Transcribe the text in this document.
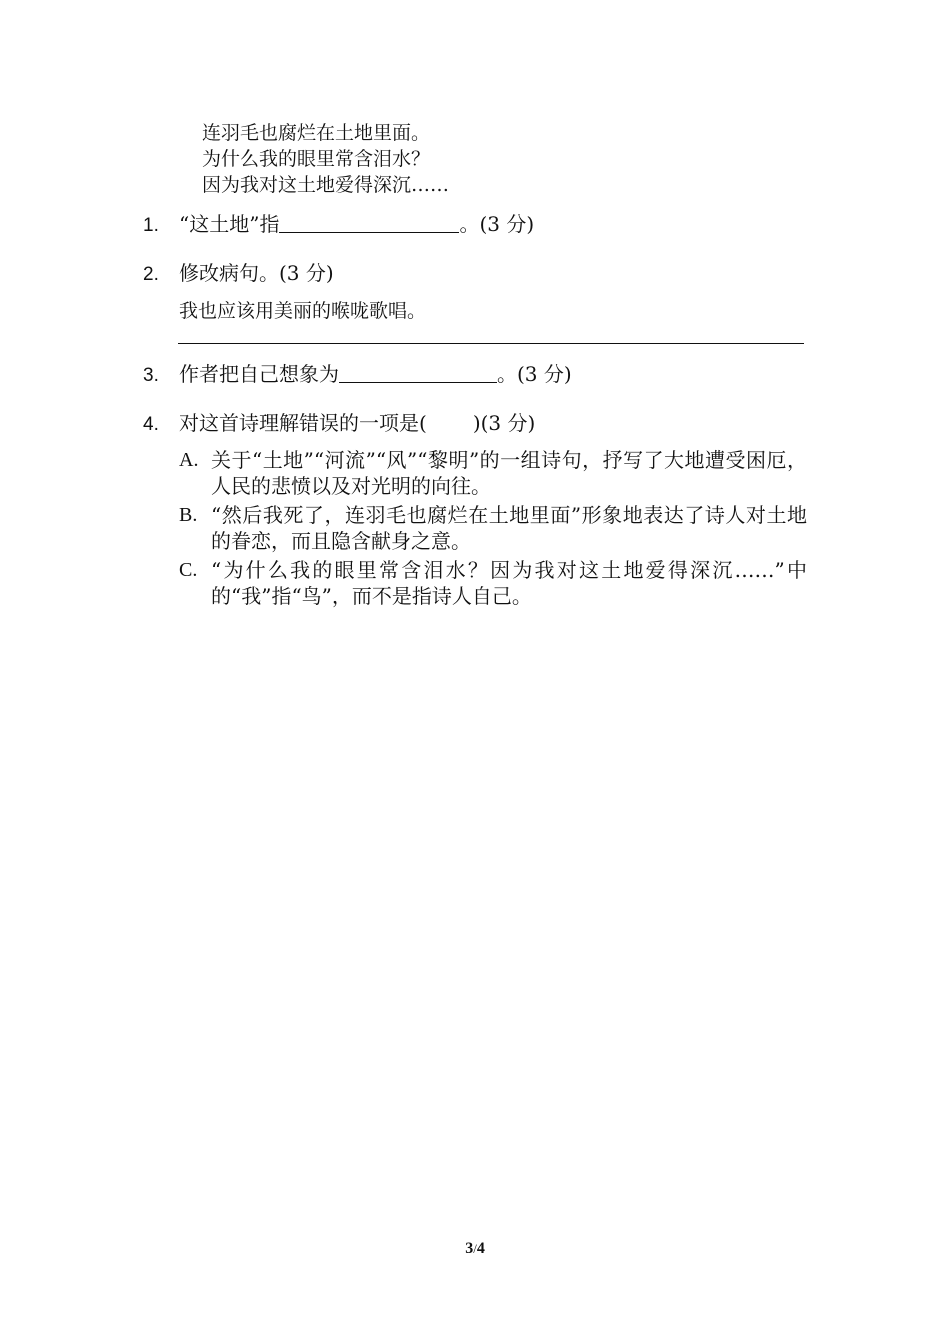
连羽毛也腐烂在土地里面。
为什么我的眼里常含泪水？
因为我对这土地爱得深沉……
1. “这土地”指	。(3 分)
2. 修改病句。(3 分)
我也应该用美丽的喉咙歌唱。
3. 作者把自己想象为	。(3 分)
4. 对这首诗理解错误的一项是( )(3 分)
A. 关于“土地”“河流”“风”“黎明”的一组诗句，抒写了大地遭受困厄，人民的悲愤以及对光明的向往。
B. “然后我死了，连羽毛也腐烂在土地里面”形象地表达了诗人对土地的眷恋，而且隐含献身之意。
C. “为什么我的眼里常含泪水？因为我对这土地爱得深沉……”中的“我”指“鸟”，而不是指诗人自己。
3/4
